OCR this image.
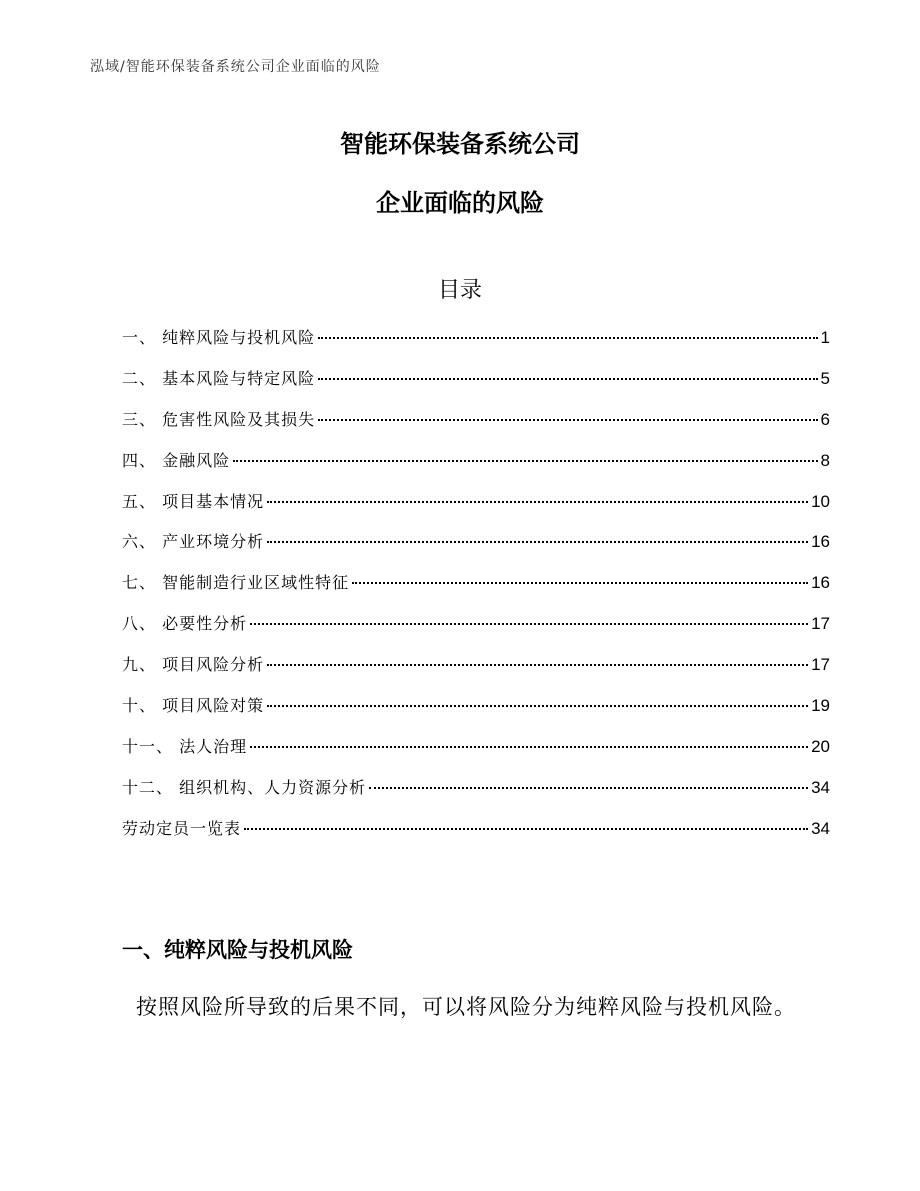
泓域/智能环保装备系统公司企业面临的风险
智能环保装备系统公司
企业面临的风险
目录
一、 纯粹风险与投机风险	1
二、 基本风险与特定风险	5
三、 危害性风险及其损失	6
四、 金融风险	8
五、 项目基本情况	10
六、 产业环境分析	16
七、 智能制造行业区域性特征	16
八、 必要性分析	17
九、 项目风险分析	17
十、 项目风险对策	19
十一、 法人治理	20
十二、 组织机构、人力资源分析	34
劳动定员一览表	34
一、纯粹风险与投机风险
按照风险所导致的后果不同，可以将风险分为纯粹风险与投机风险。
